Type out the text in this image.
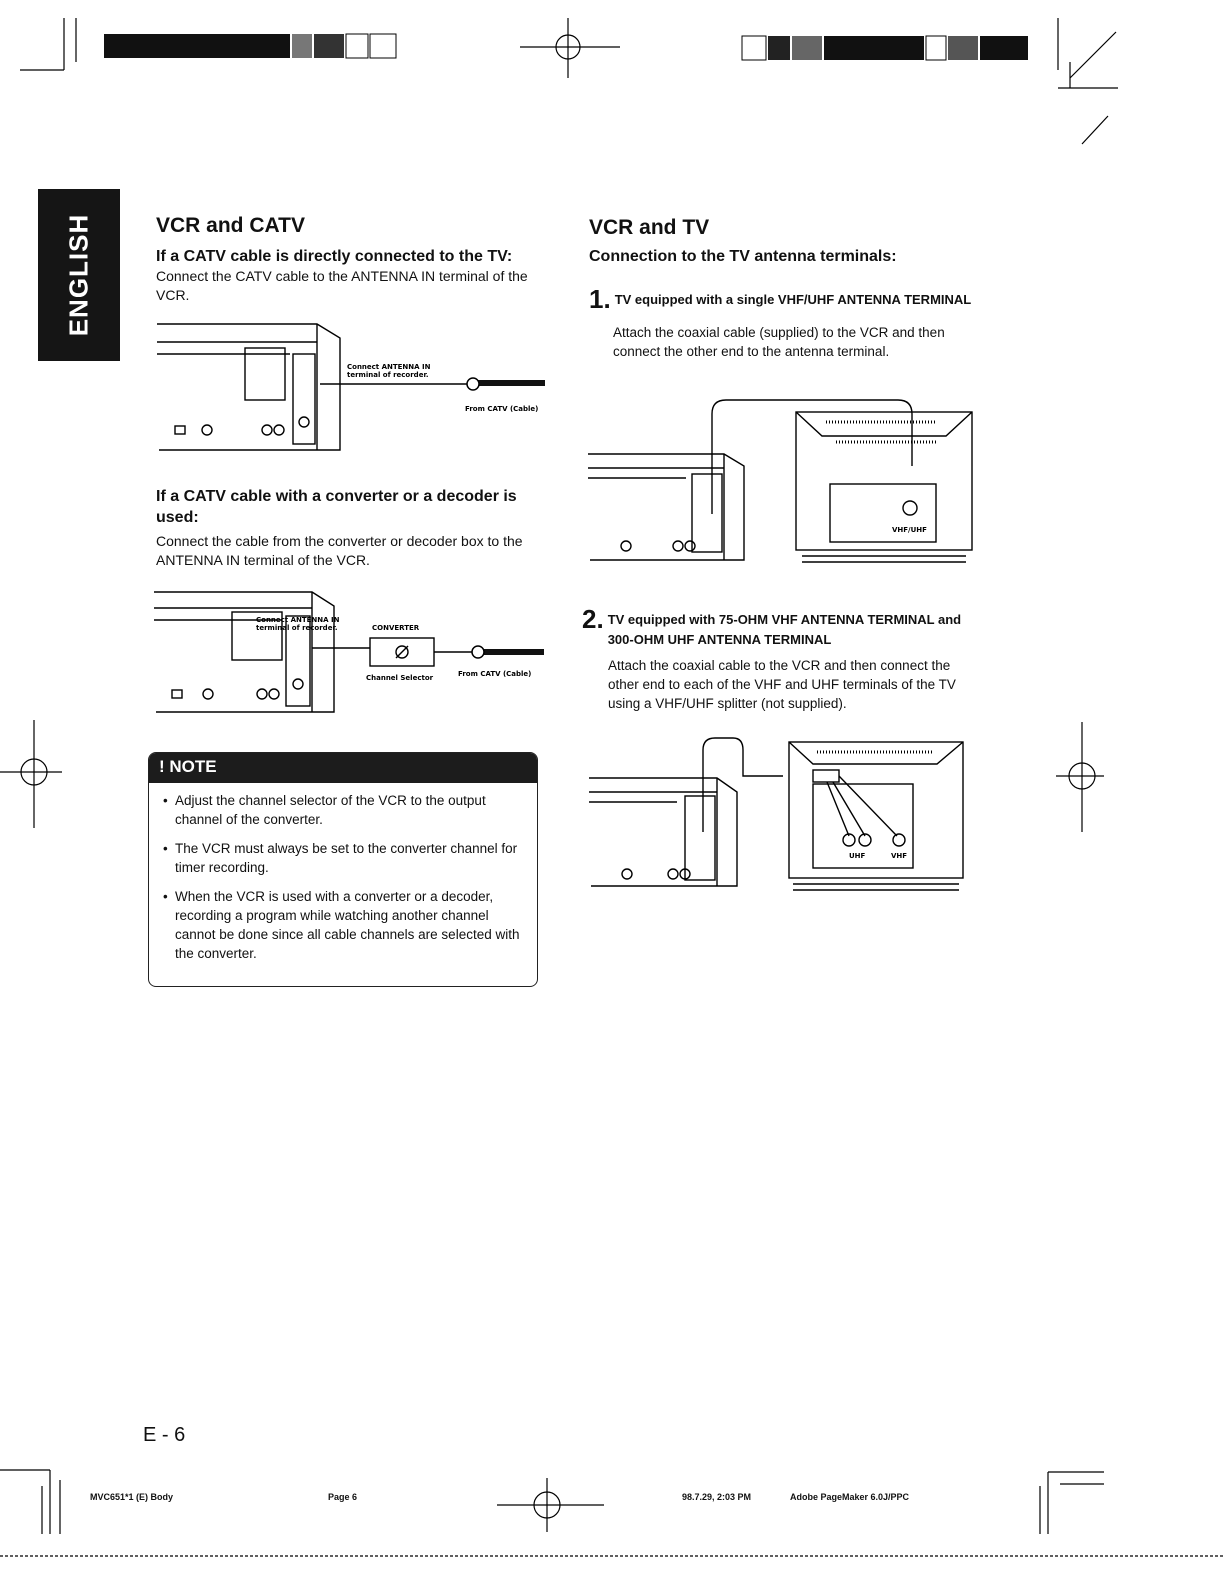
ENGLISH	VCR and CATV
If a CATV cable is directly connected to the TV:

Connect the CATV cable to the ANTENNA IN terminal of the VCR.

Connect ANTENNA IN
terminal of recorder.
From CATV (Cable)
If a CATV cable with a converter or a decoder is used:

Connect the cable from the converter or decoder box to the ANTENNA IN terminal of the VCR.

Connect ANTENNA IN
terminal of recorder.	CONVERTER
Channel Selector	From CATV (Cable)
! NOTE
• Adjust the channel selector of the VCR to the output channel of the converter.
• The VCR must always be set to the converter channel for timer recording.
• When the VCR is used with a converter or a decoder, recording a program while watching another channel cannot be done since all cable channels are selected with the converter.
VCR and TV
Connection to the TV antenna terminals:
1. TV equipped with a single VHF/UHF ANTENNA TERMINAL

Attach the coaxial cable (supplied) to the VCR and then connect the other end to the antenna terminal.

VHF/UHF
2. TV equipped with 75-OHM VHF ANTENNA TERMINAL and 300-OHM UHF ANTENNA TERMINAL

Attach the coaxial cable to the VCR and then connect the other end to each of the VHF and UHF terminals of the TV using a VHF/UHF splitter (not supplied).

UHF	VHF
E - 6
MVC651*1 (E) Body	Page 6	98.7.29, 2:03 PM	Adobe PageMaker 6.0J/PPC
